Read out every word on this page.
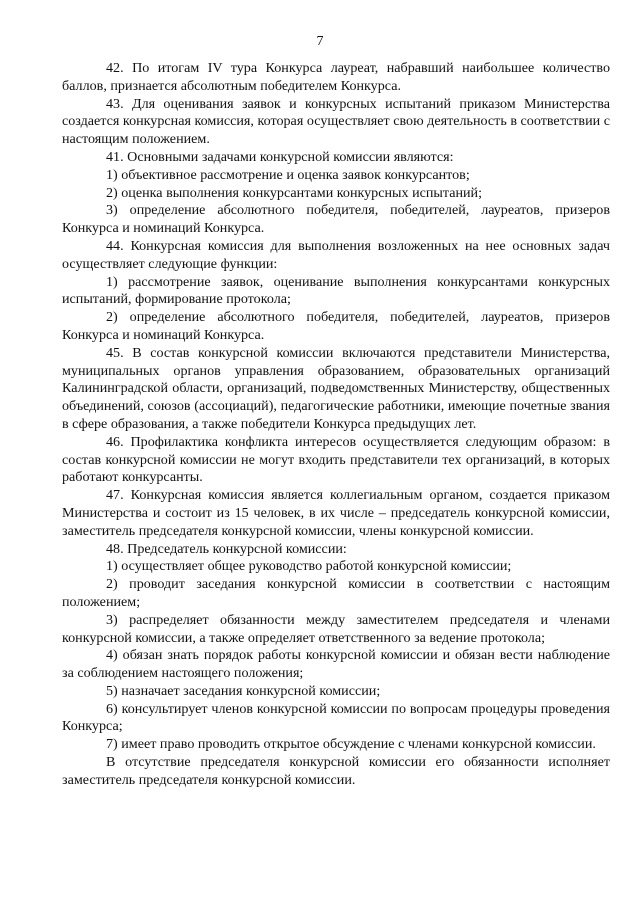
7

42. По итогам IV тура Конкурса лауреат, набравший наибольшее количество баллов, признается абсолютным победителем Конкурса.

43. Для оценивания заявок и конкурсных испытаний приказом Министерства создается конкурсная комиссия, которая осуществляет свою деятельность в соответствии с настоящим положением.

41. Основными задачами конкурсной комиссии являются:

1) объективное рассмотрение и оценка заявок конкурсантов;

2) оценка выполнения конкурсантами конкурсных испытаний;

3) определение абсолютного победителя, победителей, лауреатов, призеров Конкурса и номинаций Конкурса.

44. Конкурсная комиссия для выполнения возложенных на нее основных задач осуществляет следующие функции:

1) рассмотрение заявок, оценивание выполнения конкурсантами конкурсных испытаний, формирование протокола;

2) определение абсолютного победителя, победителей, лауреатов, призеров Конкурса и номинаций Конкурса.

45. В состав конкурсной комиссии включаются представители Министерства, муниципальных органов управления образованием, образовательных организаций Калининградской области, организаций, подведомственных Министерству, общественных объединений, союзов (ассоциаций), педагогические работники, имеющие почетные звания в сфере образования, а также победители Конкурса предыдущих лет.

46. Профилактика конфликта интересов осуществляется следующим образом: в состав конкурсной комиссии не могут входить представители тех организаций, в которых работают конкурсанты.

47. Конкурсная комиссия является коллегиальным органом, создается приказом Министерства и состоит из 15 человек, в их числе – председатель конкурсной комиссии, заместитель председателя конкурсной комиссии, члены конкурсной комиссии.

48. Председатель конкурсной комиссии:

1) осуществляет общее руководство работой конкурсной комиссии;

2) проводит заседания конкурсной комиссии в соответствии с настоящим положением;

3) распределяет обязанности между заместителем председателя и членами конкурсной комиссии, а также определяет ответственного за ведение протокола;

4) обязан знать порядок работы конкурсной комиссии и обязан вести наблюдение за соблюдением настоящего положения;

5) назначает заседания конкурсной комиссии;

6) консультирует членов конкурсной комиссии по вопросам процедуры проведения Конкурса;

7) имеет право проводить открытое обсуждение с членами конкурсной комиссии.

В отсутствие председателя конкурсной комиссии его обязанности исполняет заместитель председателя конкурсной комиссии.
